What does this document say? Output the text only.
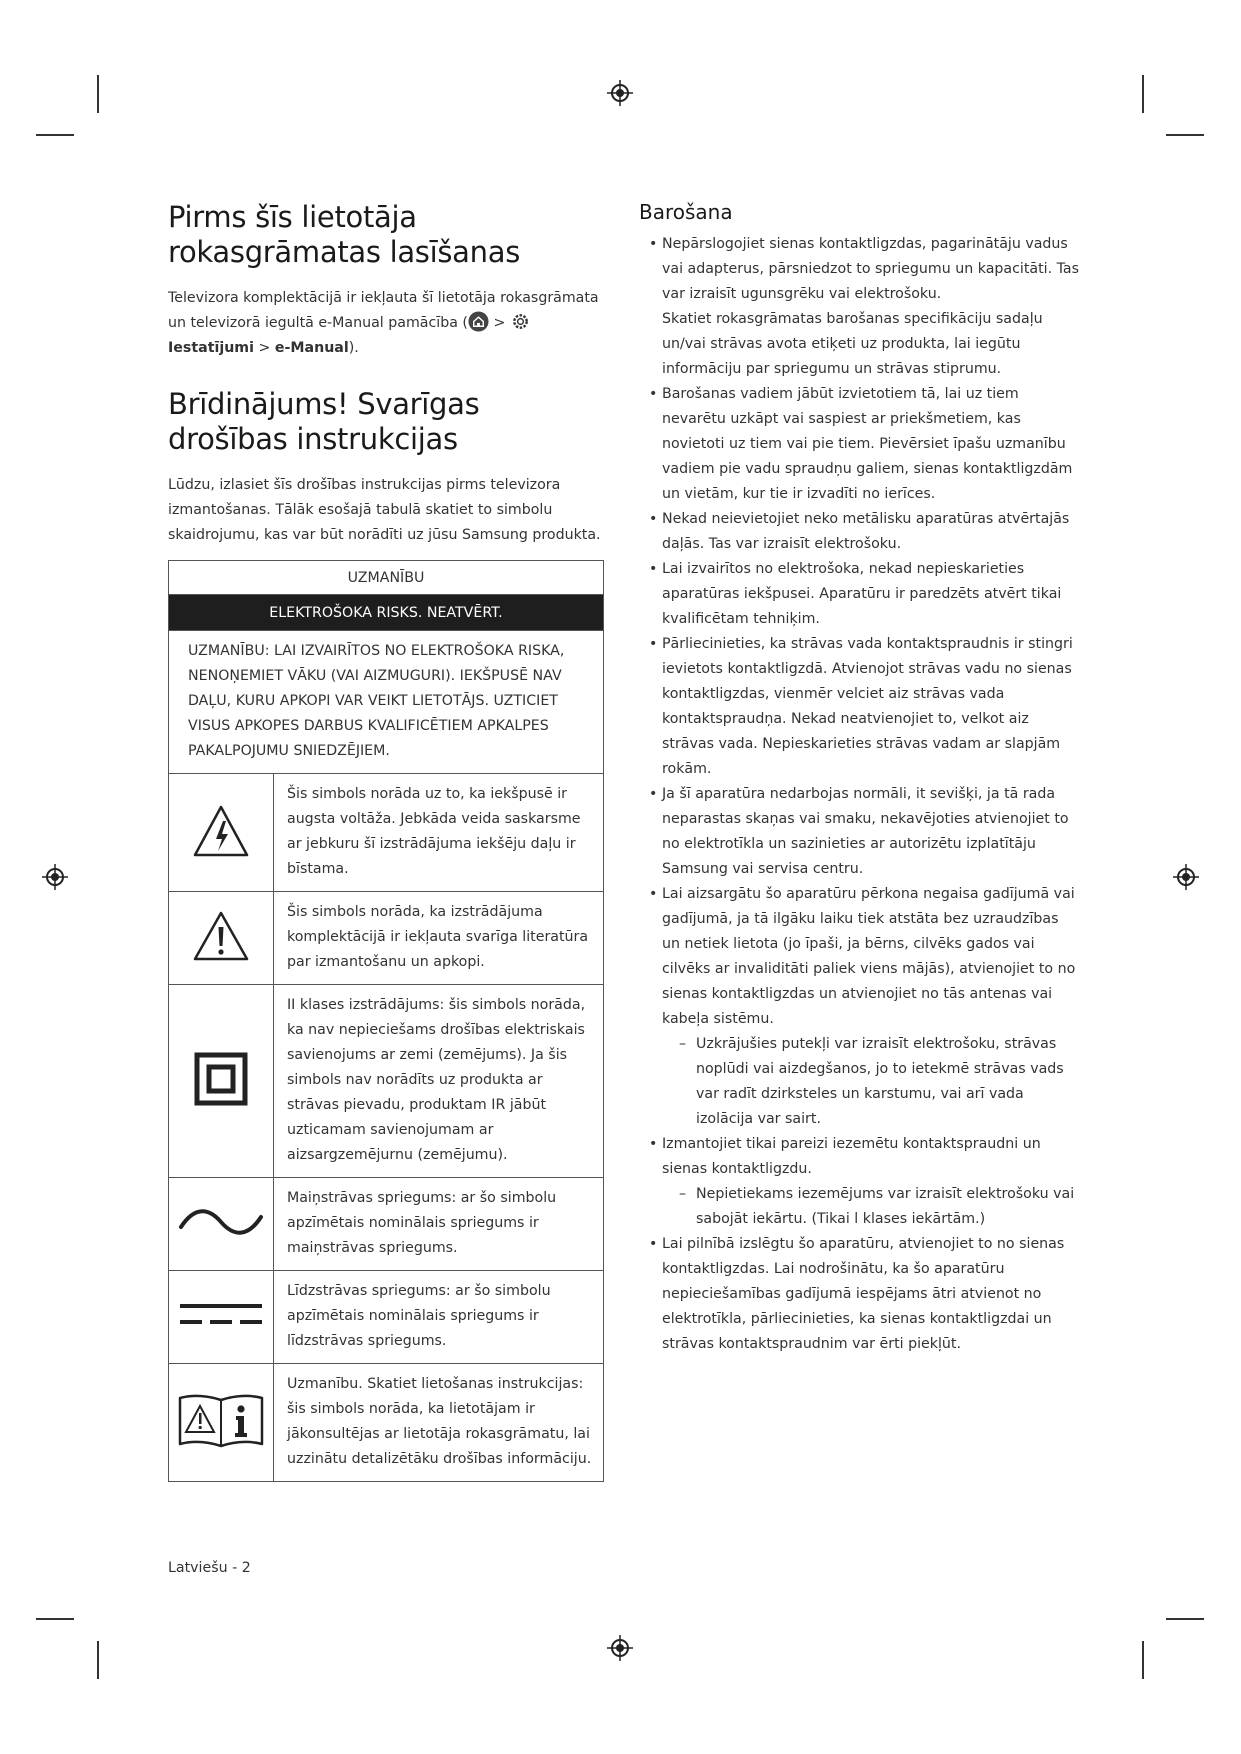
Pirms šīs lietotāja rokasgrāmatas lasīšanas

Televizora komplektācijā ir iekļauta šī lietotāja rokasgrāmata un televizorā iegultā e-Manual pamācība ( > Iestatījumi > e-Manual).

Brīdinājums! Svarīgas drošības instrukcijas

Lūdzu, izlasiet šīs drošības instrukcijas pirms televizora izmantošanas. Tālāk esošajā tabulā skatiet to simbolu skaidrojumu, kas var būt norādīti uz jūsu Samsung produkta.

UZMANĪBU	
ELEKTROŠOKA RISKS. NEATVĒRT.	
UZMANĪBU: LAI IZVAIRĪTOS NO ELEKTROŠOKA RISKA, NENOŅEMIET VĀKU (VAI AIZMUGURI). IEKŠPUSĒ NAV DAĻU, KURU APKOPI VAR VEIKT LIETOTĀJS. UZTICIET VISUS APKOPES DARBUS KVALIFICĒTIEM APKALPES PAKALPOJUMU SNIEDZĒJIEM.	
	Šis simbols norāda uz to, ka iekšpusē ir augsta voltāža. Jebkāda veida saskarsme ar jebkuru šī izstrādājuma iekšēju daļu ir bīstama.
	Šis simbols norāda, ka izstrādājuma komplektācijā ir iekļauta svarīga literatūra par izmantošanu un apkopi.
	II klases izstrādājums: šis simbols norāda, ka nav nepieciešams drošības elektriskais savienojums ar zemi (zemējums). Ja šis simbols nav norādīts uz produkta ar strāvas pievadu, produktam IR jābūt uzticamam savienojumam ar aizsargzemējurnu (zemējumu).
	Maiņstrāvas spriegums: ar šo simbolu apzīmētais nominālais spriegums ir maiņstrāvas spriegums.
	Līdzstrāvas spriegums: ar šo simbolu apzīmētais nominālais spriegums ir līdzstrāvas spriegums.
	Uzmanību. Skatiet lietošanas instrukcijas: šis simbols norāda, ka lietotājam ir jākonsultējas ar lietotāja rokasgrāmatu, lai uzzinātu detalizētāku drošības informāciju.
Barošana
• Nepārslogojiet sienas kontaktligzdas, pagarinātāju vadus vai adapterus, pārsniedzot to spriegumu un kapacitāti. Tas var izraisīt ugunsgrēku vai elektrošoku.
Skatiet rokasgrāmatas barošanas specifikāciju sadaļu un/vai strāvas avota etiķeti uz produkta, lai iegūtu informāciju par spriegumu un strāvas stiprumu.
• Barošanas vadiem jābūt izvietotiem tā, lai uz tiem nevarētu uzkāpt vai saspiest ar priekšmetiem, kas novietoti uz tiem vai pie tiem. Pievērsiet īpašu uzmanību vadiem pie vadu spraudņu galiem, sienas kontaktligzdām un vietām, kur tie ir izvadīti no ierīces.
• Nekad neievietojiet neko metālisku aparatūras atvērtajās daļās. Tas var izraisīt elektrošoku.
• Lai izvairītos no elektrošoka, nekad nepieskarieties aparatūras iekšpusei. Aparatūru ir paredzēts atvērt tikai kvalificētam tehniķim.
• Pārliecinieties, ka strāvas vada kontaktspraudnis ir stingri ievietots kontaktligzdā. Atvienojot strāvas vadu no sienas kontaktligzdas, vienmēr velciet aiz strāvas vada kontaktspraudņa. Nekad neatvienojiet to, velkot aiz strāvas vada. Nepieskarieties strāvas vadam ar slapjām rokām.
• Ja šī aparatūra nedarbojas normāli, it sevišķi, ja tā rada neparastas skaņas vai smaku, nekavējoties atvienojiet to no elektrotīkla un sazinieties ar autorizētu izplatītāju Samsung vai servisa centru.
• Lai aizsargātu šo aparatūru pērkona negaisa gadījumā vai gadījumā, ja tā ilgāku laiku tiek atstāta bez uzraudzības un netiek lietota (jo īpaši, ja bērns, cilvēks gados vai cilvēks ar invaliditāti paliek viens mājās), atvienojiet to no sienas kontaktligzdas un atvienojiet no tās antenas vai kabeļa sistēmu.
– Uzkrājušies putekļi var izraisīt elektrošoku, strāvas noplūdi vai aizdegšanos, jo to ietekmē strāvas vads var radīt dzirksteles un karstumu, vai arī vada izolācija var sairt.
• Izmantojiet tikai pareizi iezemētu kontaktspraudni un sienas kontaktligzdu.
– Nepietiekams iezemējums var izraisīt elektrošoku vai sabojāt iekārtu. (Tikai l klases iekārtām.)
• Lai pilnībā izslēgtu šo aparatūru, atvienojiet to no sienas kontaktligzdas. Lai nodrošinātu, ka šo aparatūru nepieciešamības gadījumā iespējams ātri atvienot no elektrotīkla, pārliecinieties, ka sienas kontaktligzdai un strāvas kontaktspraudnim var ērti piekļūt.
Latviešu - 2
